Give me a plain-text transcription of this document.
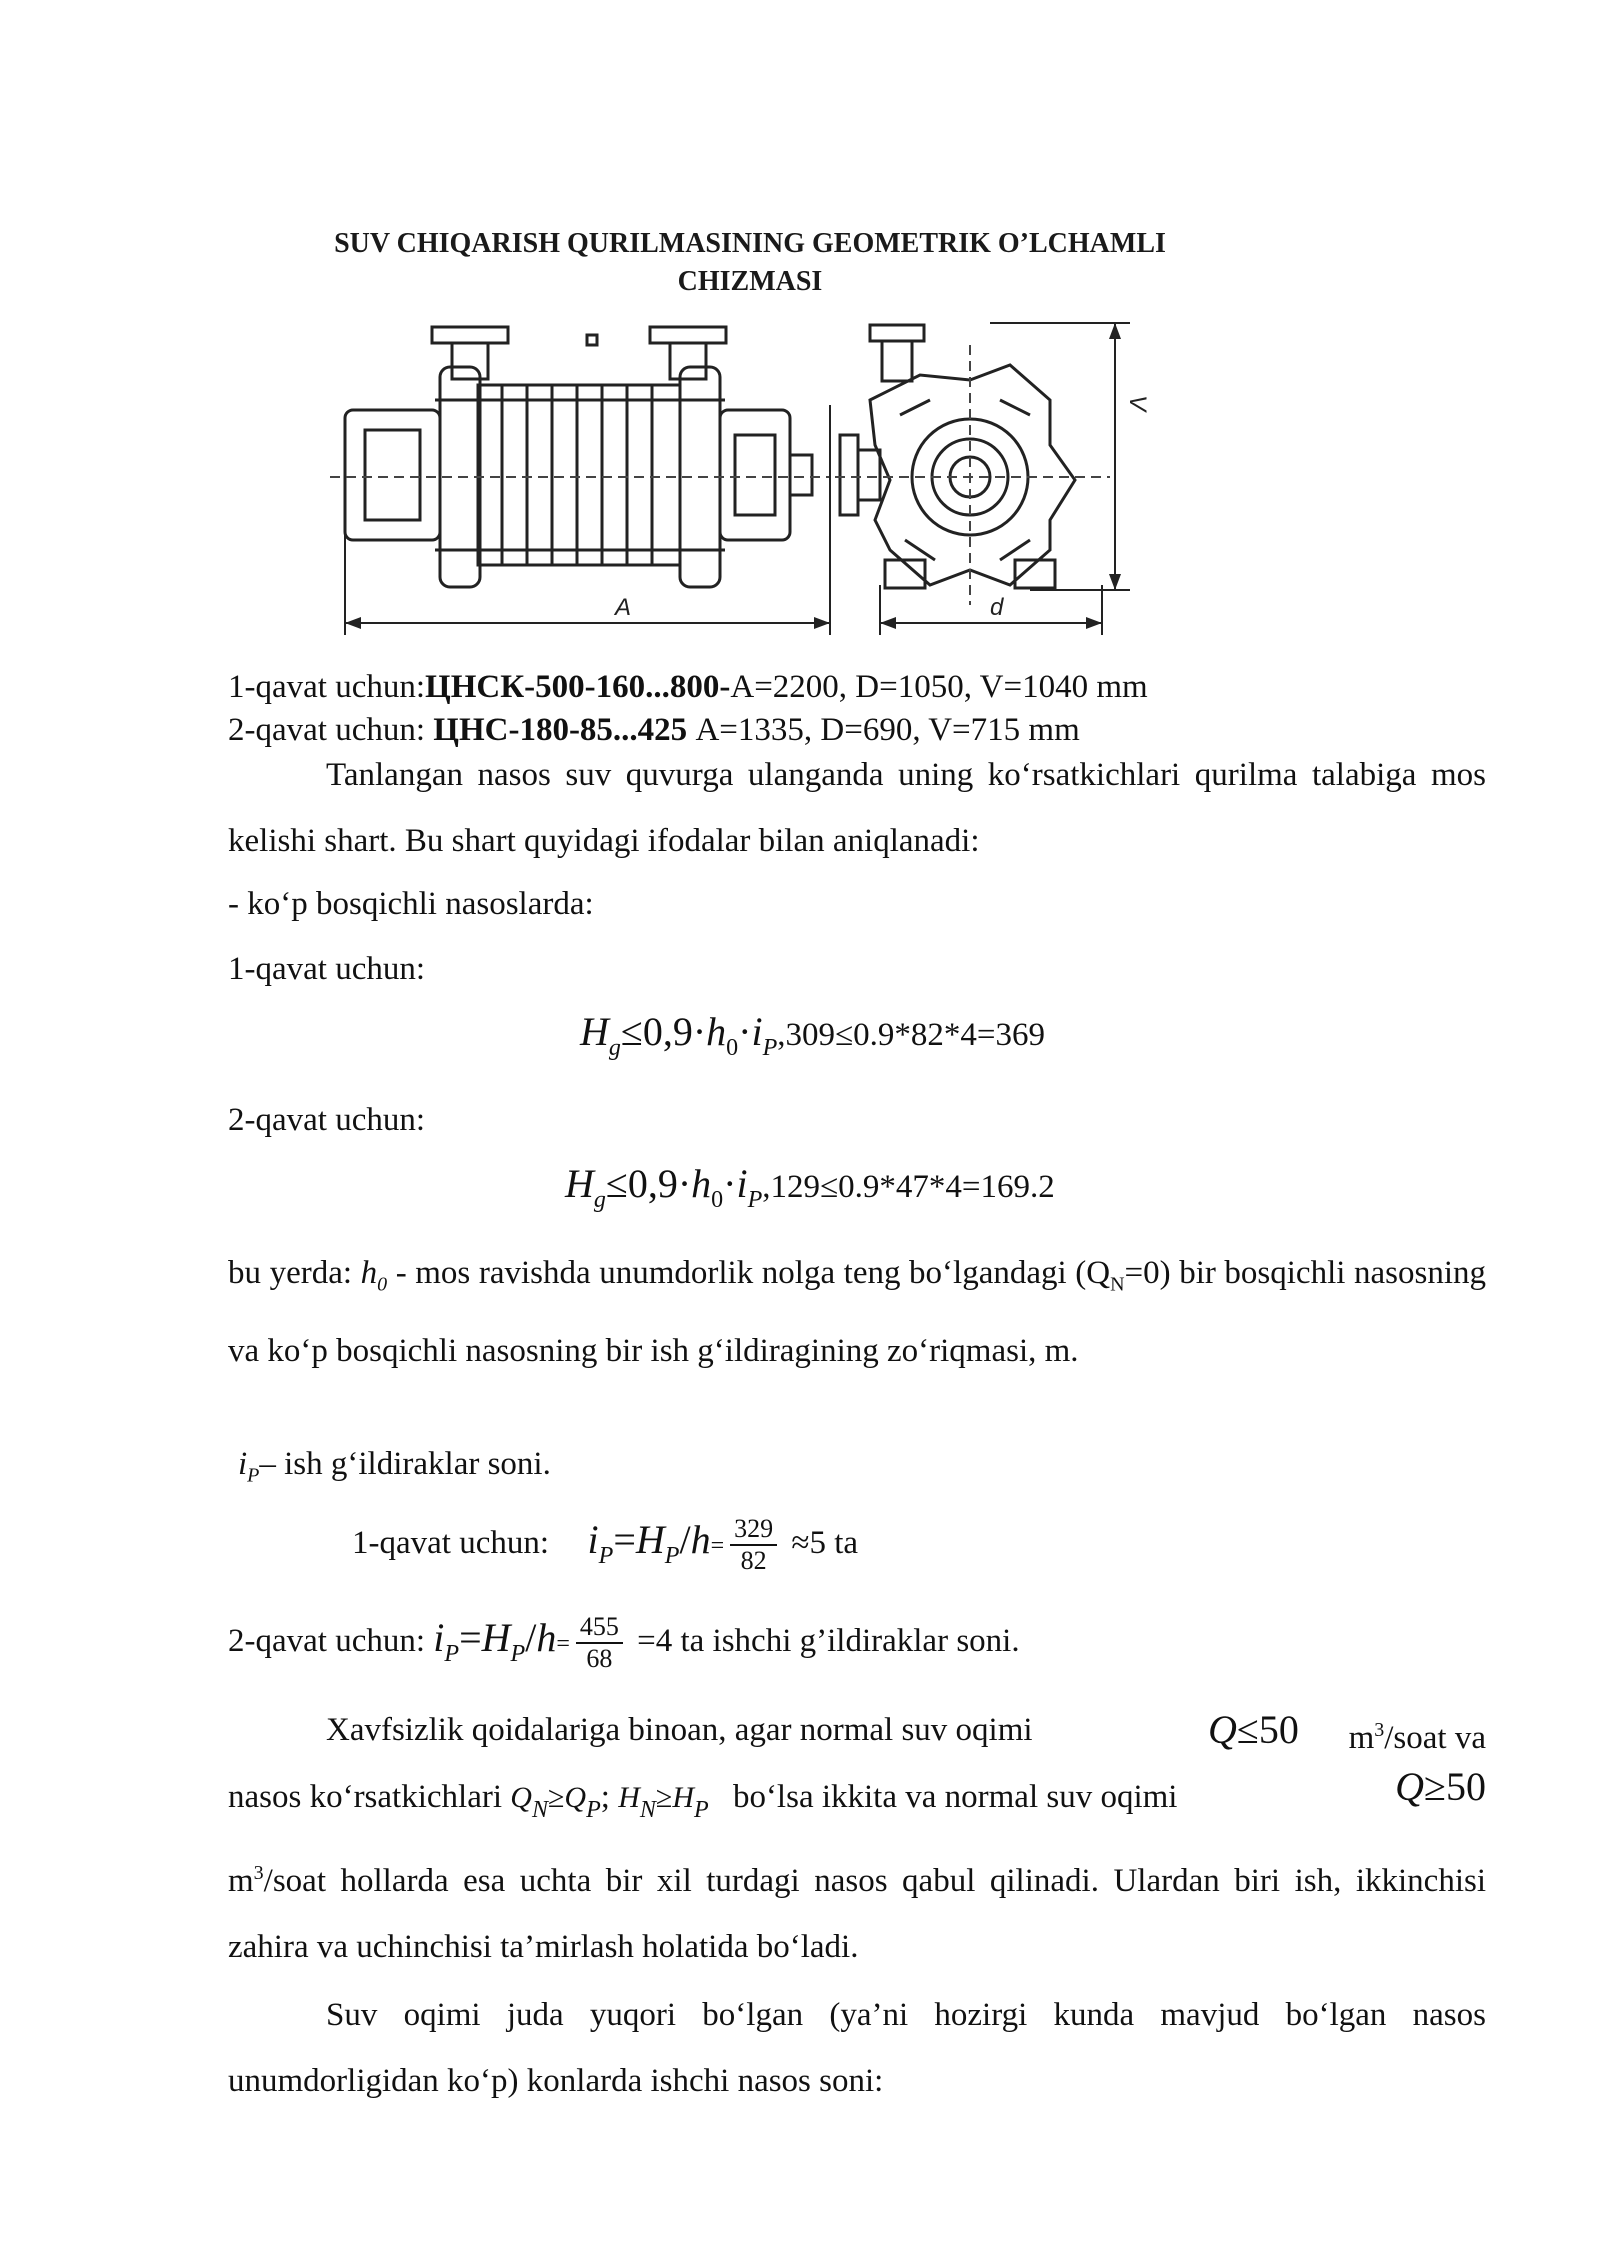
SUV CHIQARISH QURILMASINING GEOMETRIK O’LCHAMLI
CHIZMASI
A	d
V
1-qavat uchun:ЦНСК-500-160...800-A=2200, D=1050, V=1040 mm
2-qavat uchun: ЦНС-180-85...425 A=1335, D=690, V=715 mm
Tanlangan nasos suv quvurga ulanganda uning ko‘rsatkichlari qurilma talabiga mos kelishi shart. Bu shart quyidagi ifodalar bilan aniqlanadi:
- ko‘p bosqichli nasoslarda:
1-qavat uchun:
$H_g\le 0,9\cdot h_0\cdot i_P,309\le 0.9*82*4=369$
2-qavat uchun:
$H_g\le 0,9\cdot h_0\cdot i_P,129\le 0.9*47*4=169.2$
bu yerda: $h_0$ - mos ravishda unumdorlik nolga teng bo‘lgandagi $(Q_N=0)$ bir bosqichli nasosning va ko‘p bosqichli nasosning bir ish g‘ildiragining zo‘riqmasi, m.
$i_P-$ ish g‘ildiraklar soni.
1-qavat uchun: $i_P=H_P/h= \frac{329}{82} \approx 5$ ta
2-qavat uchun: $i_P=H_P/h= \frac{455}{68} =4$ ta ishchi g’ildiraklar soni.
Xavfsizlik qoidalariga binoan, agar normal suv oqimi	Q≤50 $m^3$/soat va
nasos ko‘rsatkichlari $Q_N\ge Q_P$; $H_N\ge H_P$ bo‘lsa ikkita va normal suv oqimi	Q≥50
$m^3$/soat hollarda esa uchta bir xil turdagi nasos qabul qilinadi. Ulardan biri ish, ikkinchisi zahira va uchinchisi ta’mirlash holatida bo‘ladi.
Suv oqimi juda yuqori bo‘lgan (ya’ni hozirgi kunda mavjud bo‘lgan nasos unumdorligidan ko‘p) konlarda ishchi nasos soni:
